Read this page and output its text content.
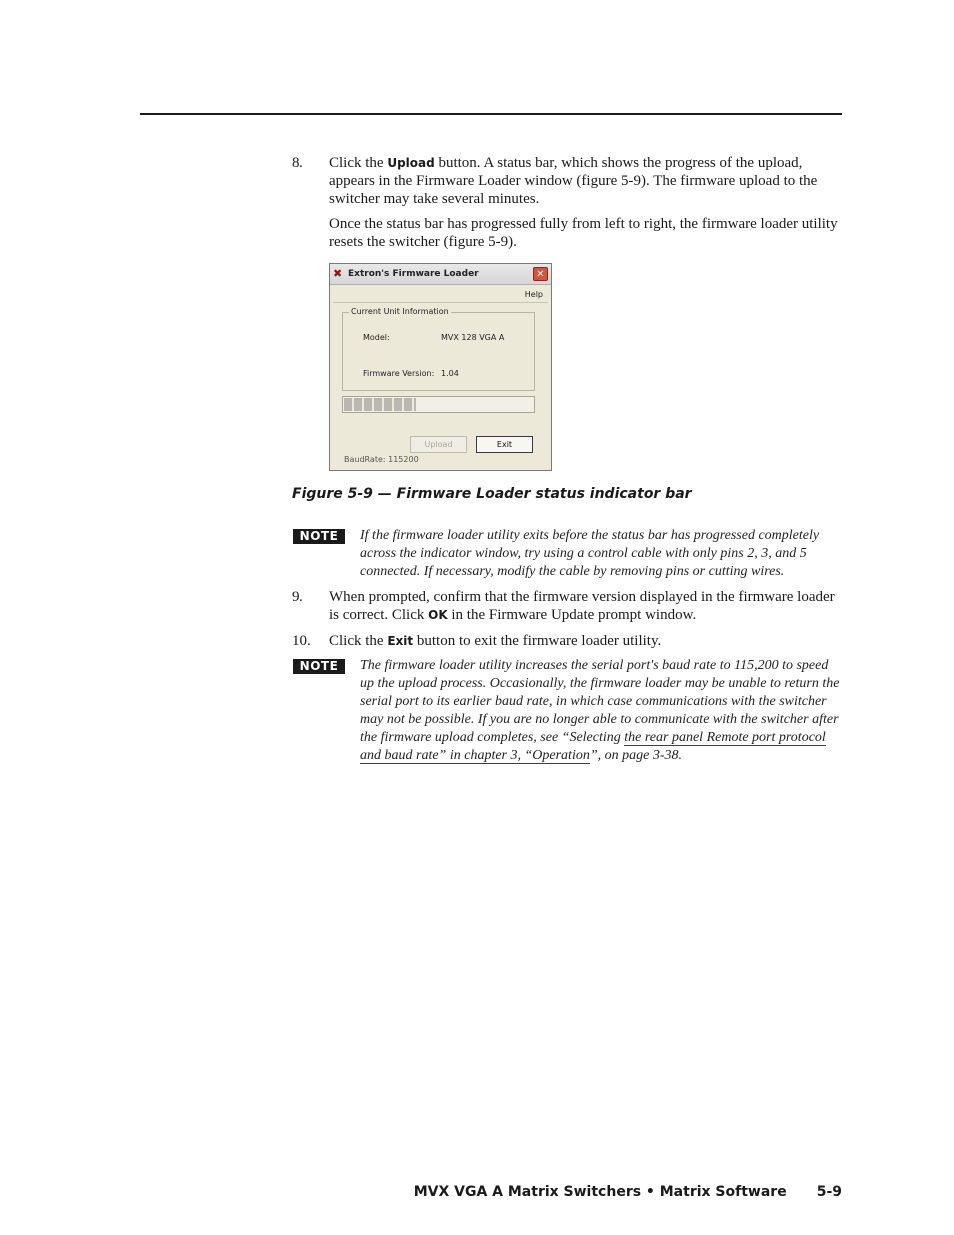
8 . Click the Upload button. A status bar, which shows the progress of the upload, appears in the Firmware Loader window (figure 5-9). The firmware upload to the switcher may take several minutes.
Once the status bar has progressed fully from left to right, the firmware loader utility resets the switcher (figure 5-9).
✖ Extron's Firmware Loader	✕
Help
Current Unit Information
Model:	MVX 128 VGA A
Firmware Version: 1.04
Upload	Exit
BaudRate: 115200
Figure 5-9 — Firmware Loader status indicator bar
NOTE	If the firmware loader utility exits before the status bar has progressed completely across the indicator window, try using a control cable with only pins 2, 3, and 5 connected. If necessary, modify the cable by removing pins or cutting wires.
9 . When prompted, confirm that the firmware version displayed in the firmware loader is correct. Click OK in the Firmware Update prompt window.
10 . Click the Exit button to exit the firmware loader utility.
NOTE	The firmware loader utility increases the serial port's baud rate to 115,200 to speed up the upload process. Occasionally, the firmware loader may be unable to return the serial port to its earlier baud rate, in which case communications with the switcher may not be possible. If you are no longer able to communicate with the switcher after the firmware upload completes, see “Selecting the rear panel Remote port protocol and baud rate” in chapter 3, “Operation”, on page 3-38.
MVX VGA A Matrix Switchers • Matrix Software 5-9
